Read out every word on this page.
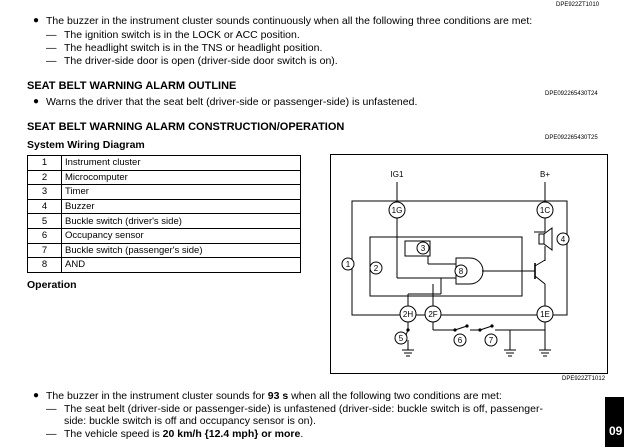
DPE922ZT1010
● The buzzer in the instrument cluster sounds continuously when all the following three conditions are met:
— The ignition switch is in the LOCK or ACC position.
— The headlight switch is in the TNS or headlight position.
— The driver-side door is open (driver-side door switch is on).
SEAT BELT WARNING ALARM OUTLINE
DPE092265430T24
● Warns the driver that the seat belt (driver-side or passenger-side) is unfastened.
SEAT BELT WARNING ALARM CONSTRUCTION/OPERATION
DPE092265430T25
System Wiring Diagram
1	Instrument cluster
2	Microcomputer
3	Timer
4	Buzzer
5	Buckle switch (driver's side)
6	Occupancy sensor
7	Buckle switch (passenger's side)
8	AND
Operation
IG1	B+
1G	1C
2H 2F	1E
1	2
3
4
5	6	7
8
DPE922ZT1012
● The buzzer in the instrument cluster sounds for 93 s when all the following two conditions are met:
— The seat belt (driver-side or passenger-side) is unfastened (driver-side: buckle switch is off, passenger-
side: buckle switch is off and occupancy sensor is on).
— The vehicle speed is 20 km/h {12.4 mph} or more.	09
